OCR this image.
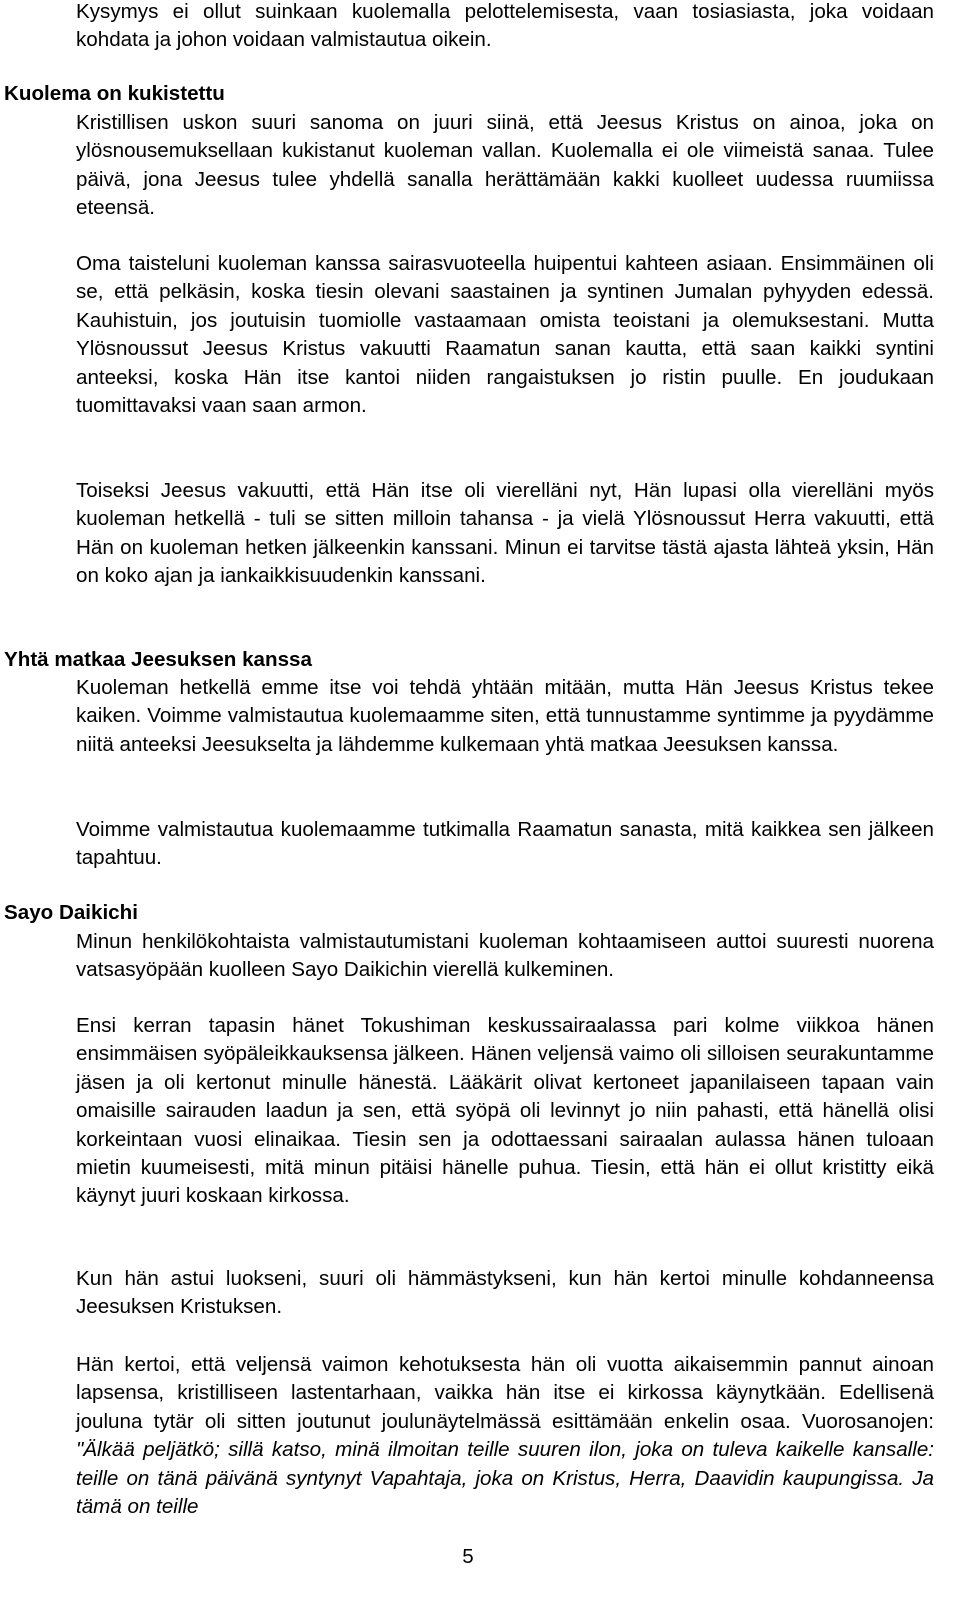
Kysymys ei ollut suinkaan kuolemalla pelottelemisesta, vaan tosiasiasta, joka voidaan kohdata ja johon voidaan valmistautua oikein.

Kuolema on kukistettu

Kristillisen uskon suuri sanoma on juuri siinä, että Jeesus Kristus on ainoa, joka on ylösnousemuksellaan kukistanut kuoleman vallan. Kuolemalla ei ole viimeistä sanaa. Tulee päivä, jona Jeesus tulee yhdellä sanalla herättämään kakki kuolleet uudessa ruumiissa eteensä.

Oma taisteluni kuoleman kanssa sairasvuoteella huipentui kahteen asiaan. Ensimmäinen oli se, että pelkäsin, koska tiesin olevani saastainen ja syntinen Jumalan pyhyyden edessä. Kauhistuin, jos joutuisin tuomiolle vastaamaan omista teoistani ja olemuksestani. Mutta Ylösnoussut Jeesus Kristus vakuutti Raamatun sanan kautta, että saan kaikki syntini anteeksi, koska Hän itse kantoi niiden rangaistuksen jo ristin puulle. En joudukaan tuomittavaksi vaan saan armon.

Toiseksi Jeesus vakuutti, että Hän itse oli vierelläni nyt, Hän lupasi olla vierelläni myös kuoleman hetkellä - tuli se sitten milloin tahansa - ja vielä Ylösnoussut Herra vakuutti, että Hän on kuoleman hetken jälkeenkin kanssani. Minun ei tarvitse tästä ajasta lähteä yksin, Hän on koko ajan ja iankaikkisuudenkin kanssani.

Yhtä matkaa Jeesuksen kanssa

Kuoleman hetkellä emme itse voi tehdä yhtään mitään, mutta Hän Jeesus Kristus tekee kaiken. Voimme valmistautua kuolemaamme siten, että tunnustamme syntimme ja pyydämme niitä anteeksi Jeesukselta ja lähdemme kulkemaan yhtä matkaa Jeesuksen kanssa.

Voimme valmistautua kuolemaamme tutkimalla Raamatun sanasta, mitä kaikkea sen jälkeen tapahtuu.

Sayo Daikichi

Minun henkilökohtaista valmistautumistani kuoleman kohtaamiseen auttoi suuresti nuorena vatsasyöpään kuolleen Sayo Daikichin vierellä kulkeminen.

Ensi kerran tapasin hänet Tokushiman keskussairaalassa pari kolme viikkoa hänen ensimmäisen syöpäleikkauksensa jälkeen. Hänen veljensä vaimo oli silloisen seurakuntamme jäsen ja oli kertonut minulle hänestä. Lääkärit olivat kertoneet japanilaiseen tapaan vain omaisille sairauden laadun ja sen, että syöpä oli levinnyt jo niin pahasti, että hänellä olisi korkeintaan vuosi elinaikaa. Tiesin sen ja odottaessani sairaalan aulassa hänen tuloaan mietin kuumeisesti, mitä minun pitäisi hänelle puhua. Tiesin, että hän ei ollut kristitty eikä käynyt juuri koskaan kirkossa.

Kun hän astui luokseni, suuri oli hämmästykseni, kun hän kertoi minulle kohdanneensa Jeesuksen Kristuksen.

Hän kertoi, että veljensä vaimon kehotuksesta hän oli vuotta aikaisemmin pannut ainoan lapsensa, kristilliseen lastentarhaan, vaikka hän itse ei kirkossa käynytkään. Edellisenä jouluna tytär oli sitten joutunut joulunäytelmässä esittämään enkelin osaa. Vuorosanojen: "Älkää peljätkö; sillä katso, minä ilmoitan teille suuren ilon, joka on tuleva kaikelle kansalle: teille on tänä päivänä syntynyt Vapahtaja, joka on Kristus, Herra, Daavidin kaupungissa. Ja tämä on teille

5
